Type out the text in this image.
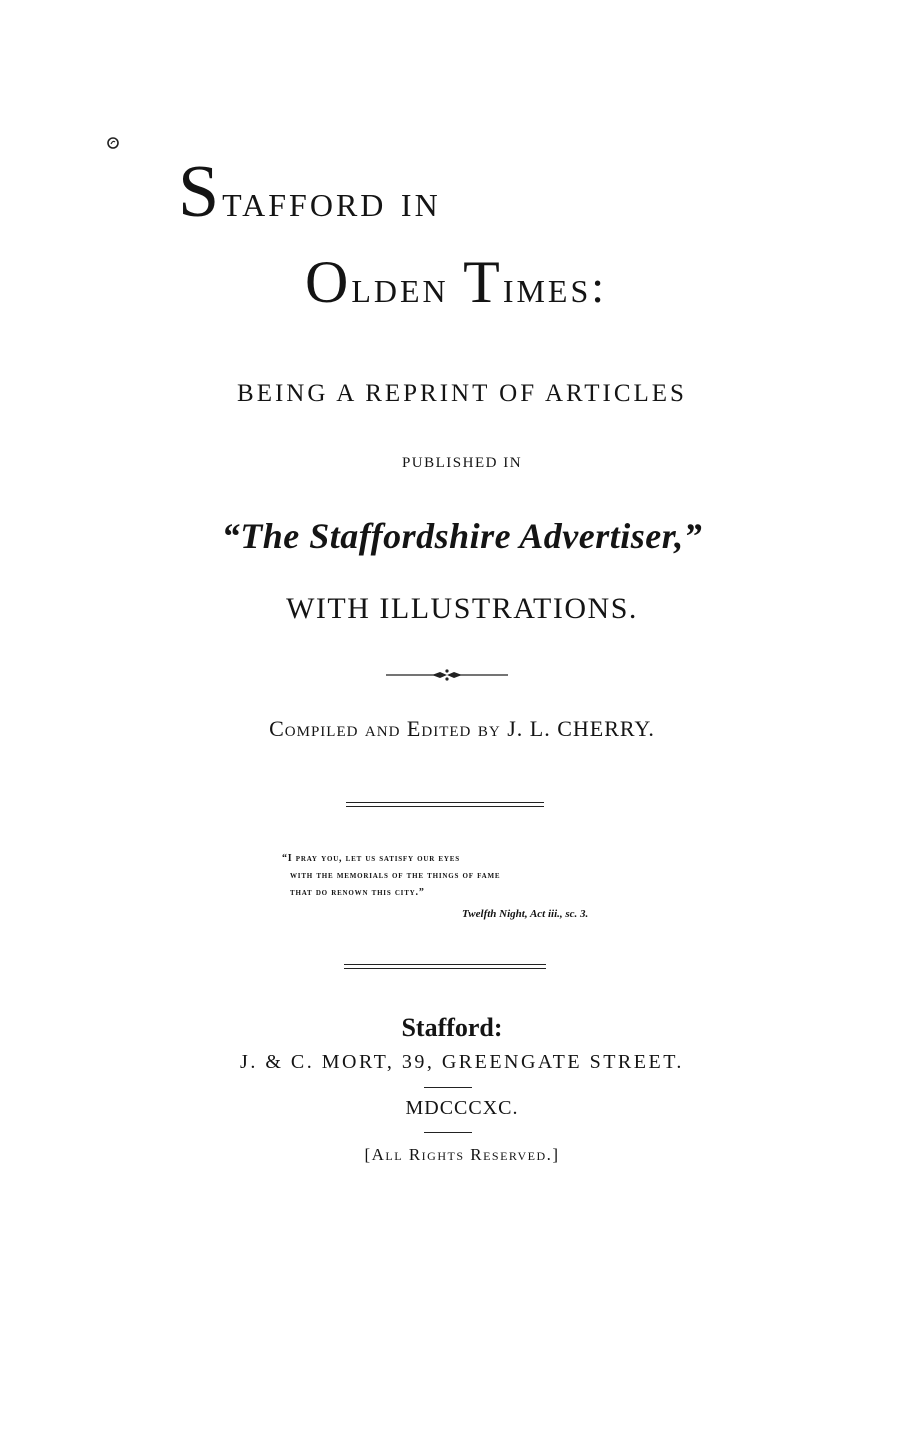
Stafford in
Olden Times:
BEING A REPRINT OF ARTICLES
PUBLISHED IN
“The Staffordshire Advertiser,”
WITH ILLUSTRATIONS.
Compiled and Edited by J. L. CHERRY.
“I pray you, let us satisfy our eyes
with the memorials of the things of fame
that do renown this city.”
Twelfth Night, Act iii., sc. 3.
Stafford:
J. & C. MORT, 39, GREENGATE STREET.
MDCCCXC.
[All Rights Reserved.]
